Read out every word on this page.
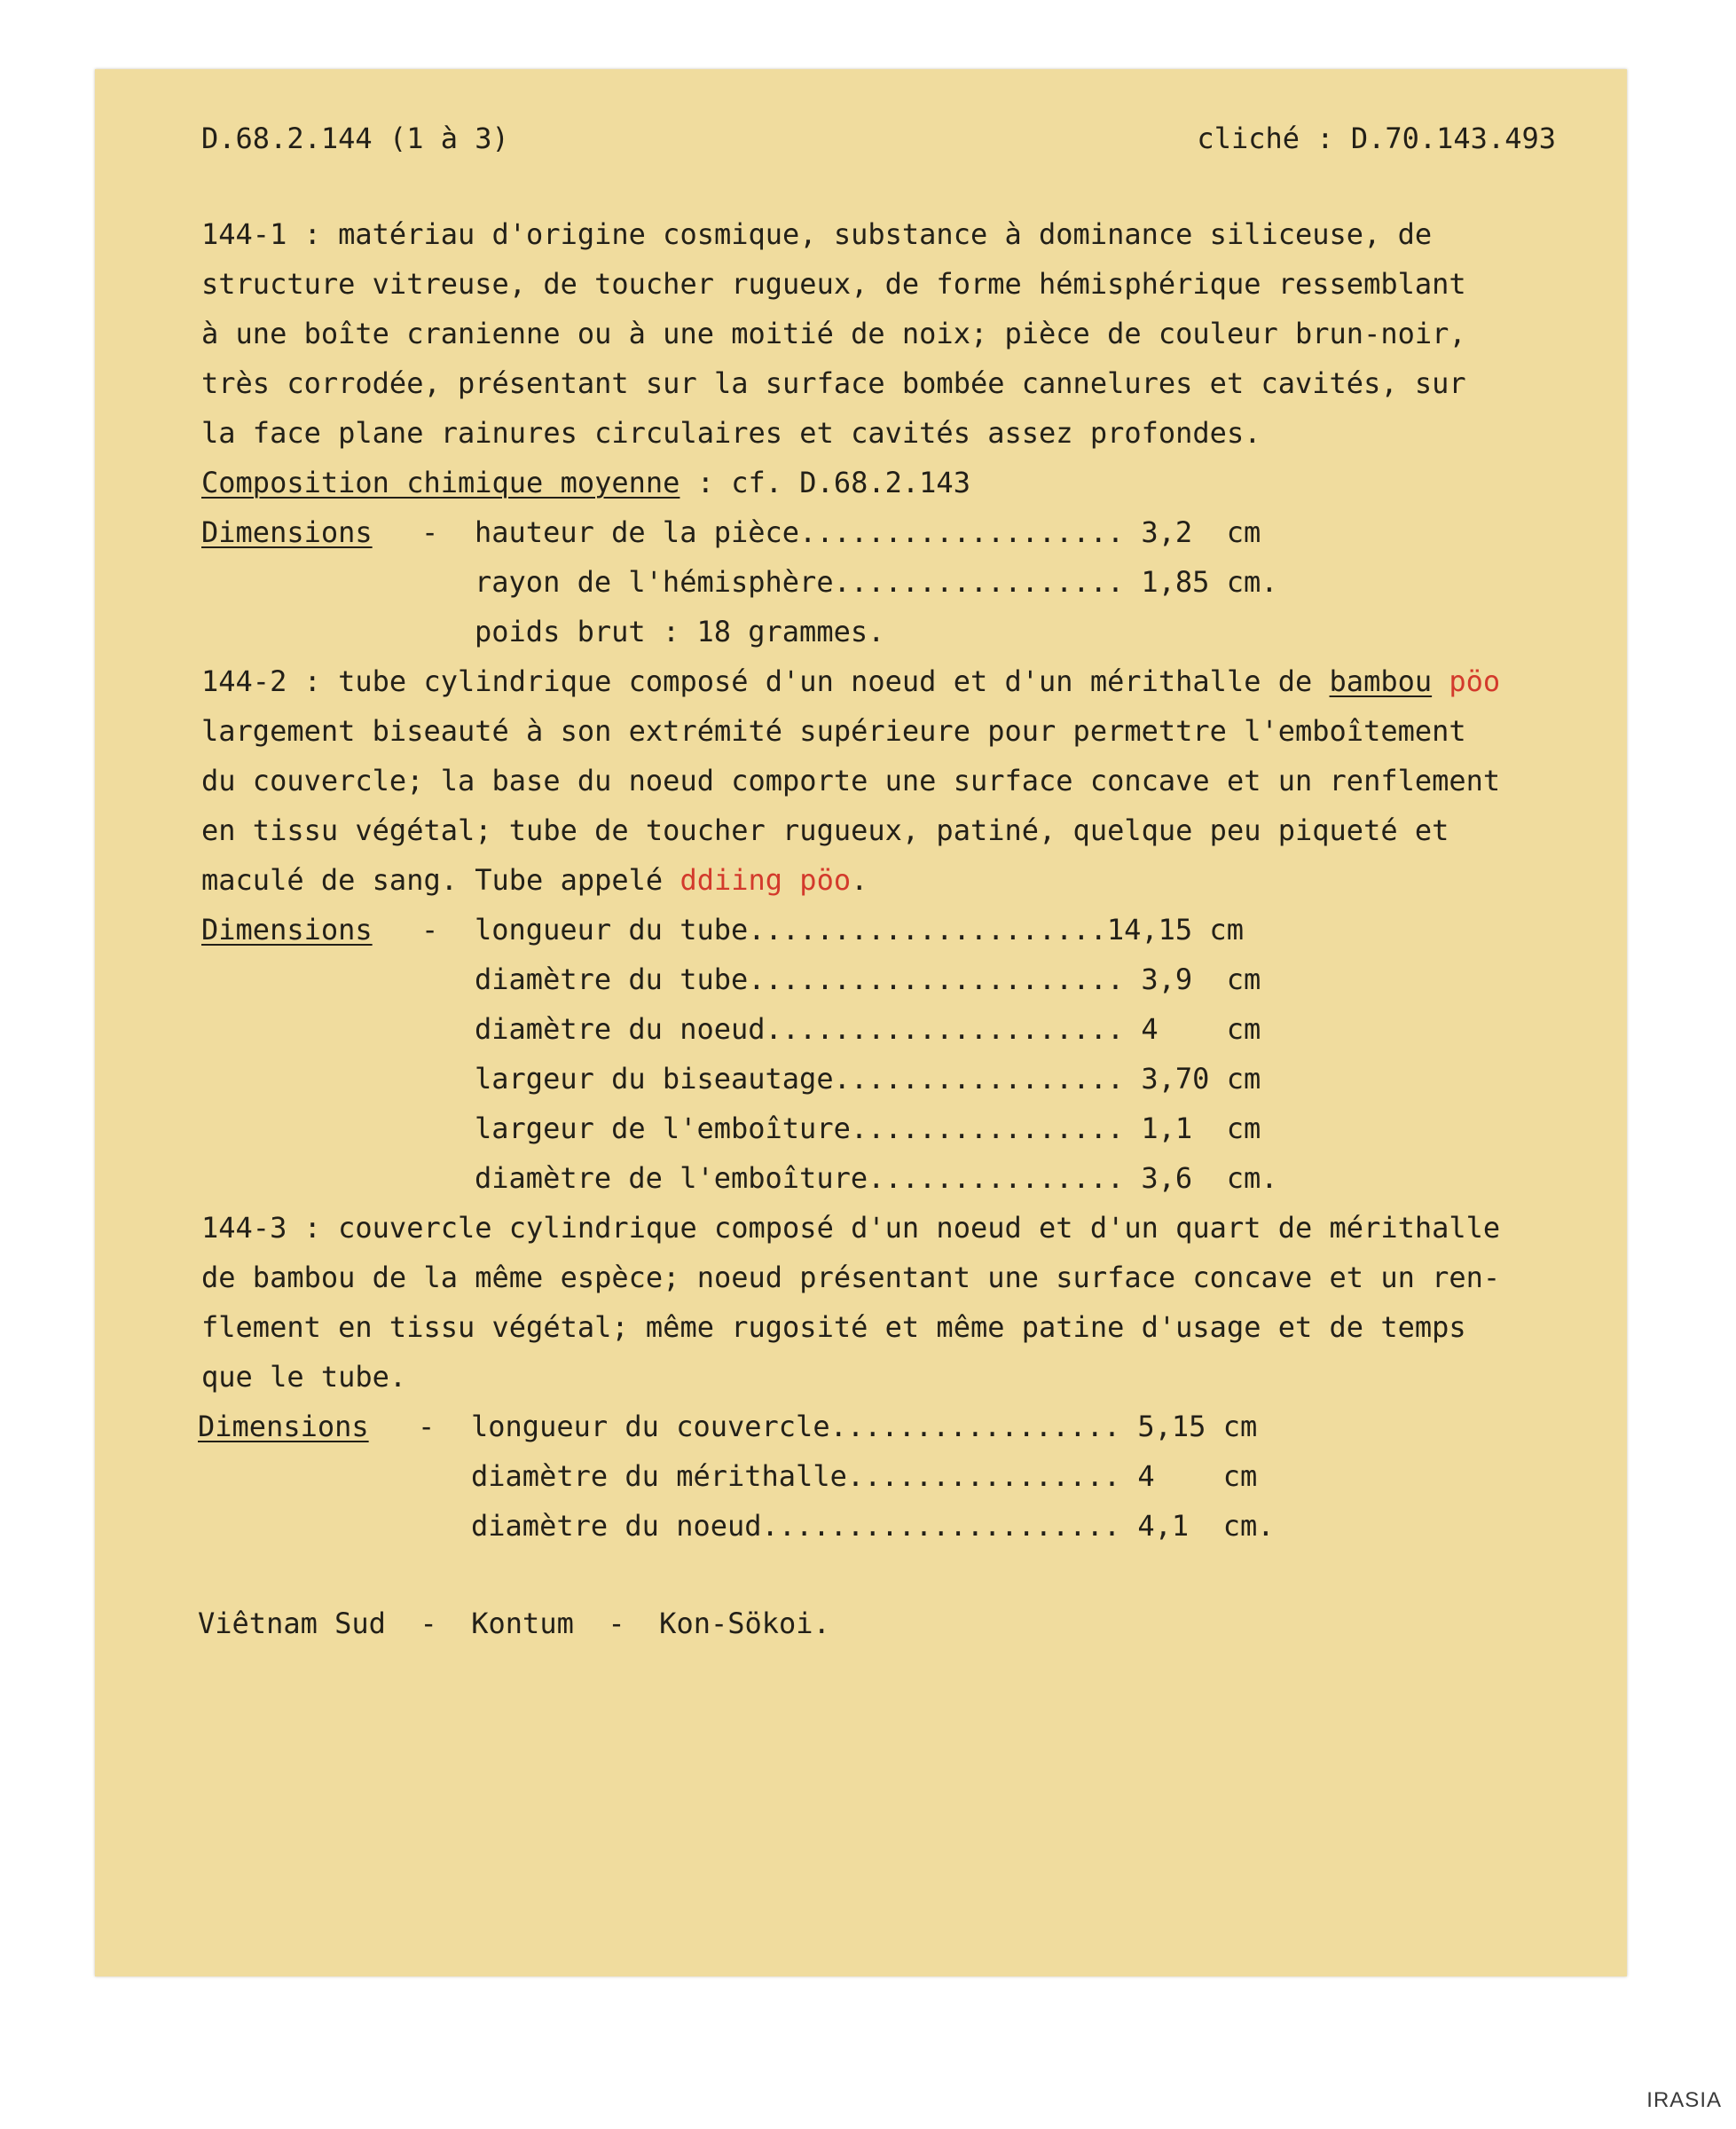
D.68.2.144 (1 à 3)	cliché : D.70.143.493
144-1 : matériau d'origine cosmique, substance à dominance siliceuse, de
structure vitreuse, de toucher rugueux, de forme hémisphérique ressemblant
à une boîte cranienne ou à une moitié de noix; pièce de couleur brun-noir,
très corrodée, présentant sur la surface bombée cannelures et cavités, sur
la face plane rainures circulaires et cavités assez profondes.
Composition chimique moyenne : cf. D.68.2.143
Dimensions - hauteur de la pièce................... 3,2  cm
rayon de l'hémisphère................. 1,85 cm.
poids brut : 18 grammes.
144-2 : tube cylindrique composé d'un noeud et d'un mérithalle de bambou pöo
largement biseauté à son extrémité supérieure pour permettre l'emboîtement
du couvercle; la base du noeud comporte une surface concave et un renflement
en tissu végétal; tube de toucher rugueux, patiné, quelque peu piqueté et
maculé de sang. Tube appelé ddiing pöo.
Dimensions - longueur du tube.....................14,15 cm
diamètre du tube...................... 3,9  cm
diamètre du noeud..................... 4    cm
largeur du biseautage................. 3,70 cm
largeur de l'emboîture................ 1,1  cm
diamètre de l'emboîture............... 3,6  cm.
144-3 : couvercle cylindrique composé d'un noeud et d'un quart de mérithalle
de bambou de la même espèce; noeud présentant une surface concave et un ren-
flement en tissu végétal; même rugosité et même patine d'usage et de temps
que le tube.
Dimensions - longueur du couvercle................. 5,15 cm
diamètre du mérithalle................ 4    cm
diamètre du noeud..................... 4,1  cm.
Viêtnam Sud  -  Kontum  -  Kon-Sökoi.
IRASIA
